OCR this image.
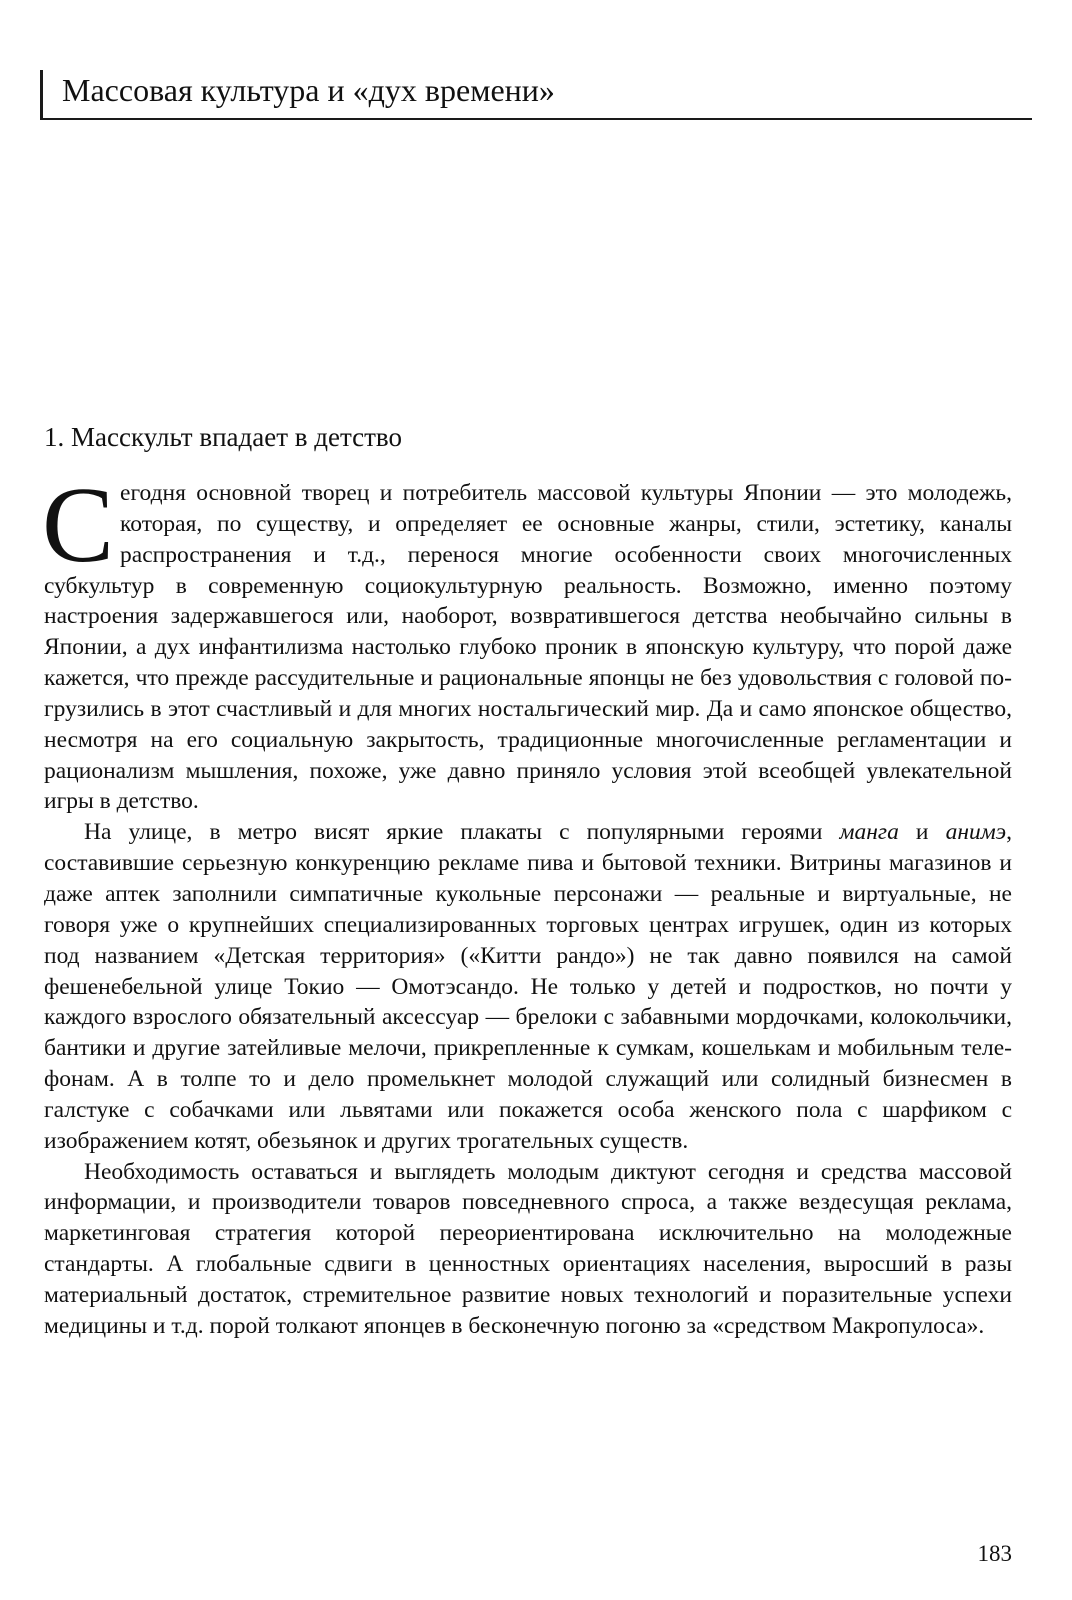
Массовая культура и «дух времени»
1. Масскульт впадает в детство

Сегодня основной творец и потребитель массовой культуры Японии — это молодежь, которая, по существу, и определяет ее основные жанры, стили, эстетику, каналы распространения и т.д., перенося многие особенности своих многочисленных субкультур в современную социокультурную реальность. Возможно, именно поэтому настроения задержавшегося или, наоборот, возвратившегося детства необычайно сильны в Японии, а дух инфантилизма настолько глубоко проник в японскую культуру, что порой даже кажется, что прежде рассудительные и рациональные японцы не без удовольствия с головой погрузились в этот счастливый и для многих ностальгический мир. Да и само японское общество, несмотря на его социальную закрытость, традиционные многочисленные регламентации и рационализм мышления, похоже, уже давно приняло условия этой всеобщей увлекательной игры в детство.

На улице, в метро висят яркие плакаты с популярными героями манга и анимэ, составившие серьезную конкуренцию рекламе пива и бытовой техники. Витрины магазинов и даже аптек заполнили симпатичные кукольные персонажи — реальные и виртуальные, не говоря уже о крупнейших специализированных торговых центрах игрушек, один из которых под названием «Детская территория» («Китти рандо») не так давно появился на самой фешенебельной улице Токио — Омотэсандо. Не только у детей и подростков, но почти у каждого взрослого обязательный аксессуар — брелоки с забавными мордочками, колокольчики, бантики и другие затейливые мелочи, прикрепленные к сумкам, кошелькам и мобильным телефонам. А в толпе то и дело промелькнет молодой служащий или солидный бизнесмен в галстуке с собачками или львятами или покажется особа женского пола с шарфиком с изображением котят, обезьянок и других трогательных существ.

Необходимость оставаться и выглядеть молодым диктуют сегодня и средства массовой информации, и производители товаров повседневного спроса, а также вездесущая реклама, маркетинговая стратегия которой переориентирована исключительно на молодежные стандарты. А глобальные сдвиги в ценностных ориентациях населения, выросший в разы материальный достаток, стремительное развитие новых технологий и поразительные успехи медицины и т.д. порой толкают японцев в бесконечную погоню за «средством Макропулоса».

183
